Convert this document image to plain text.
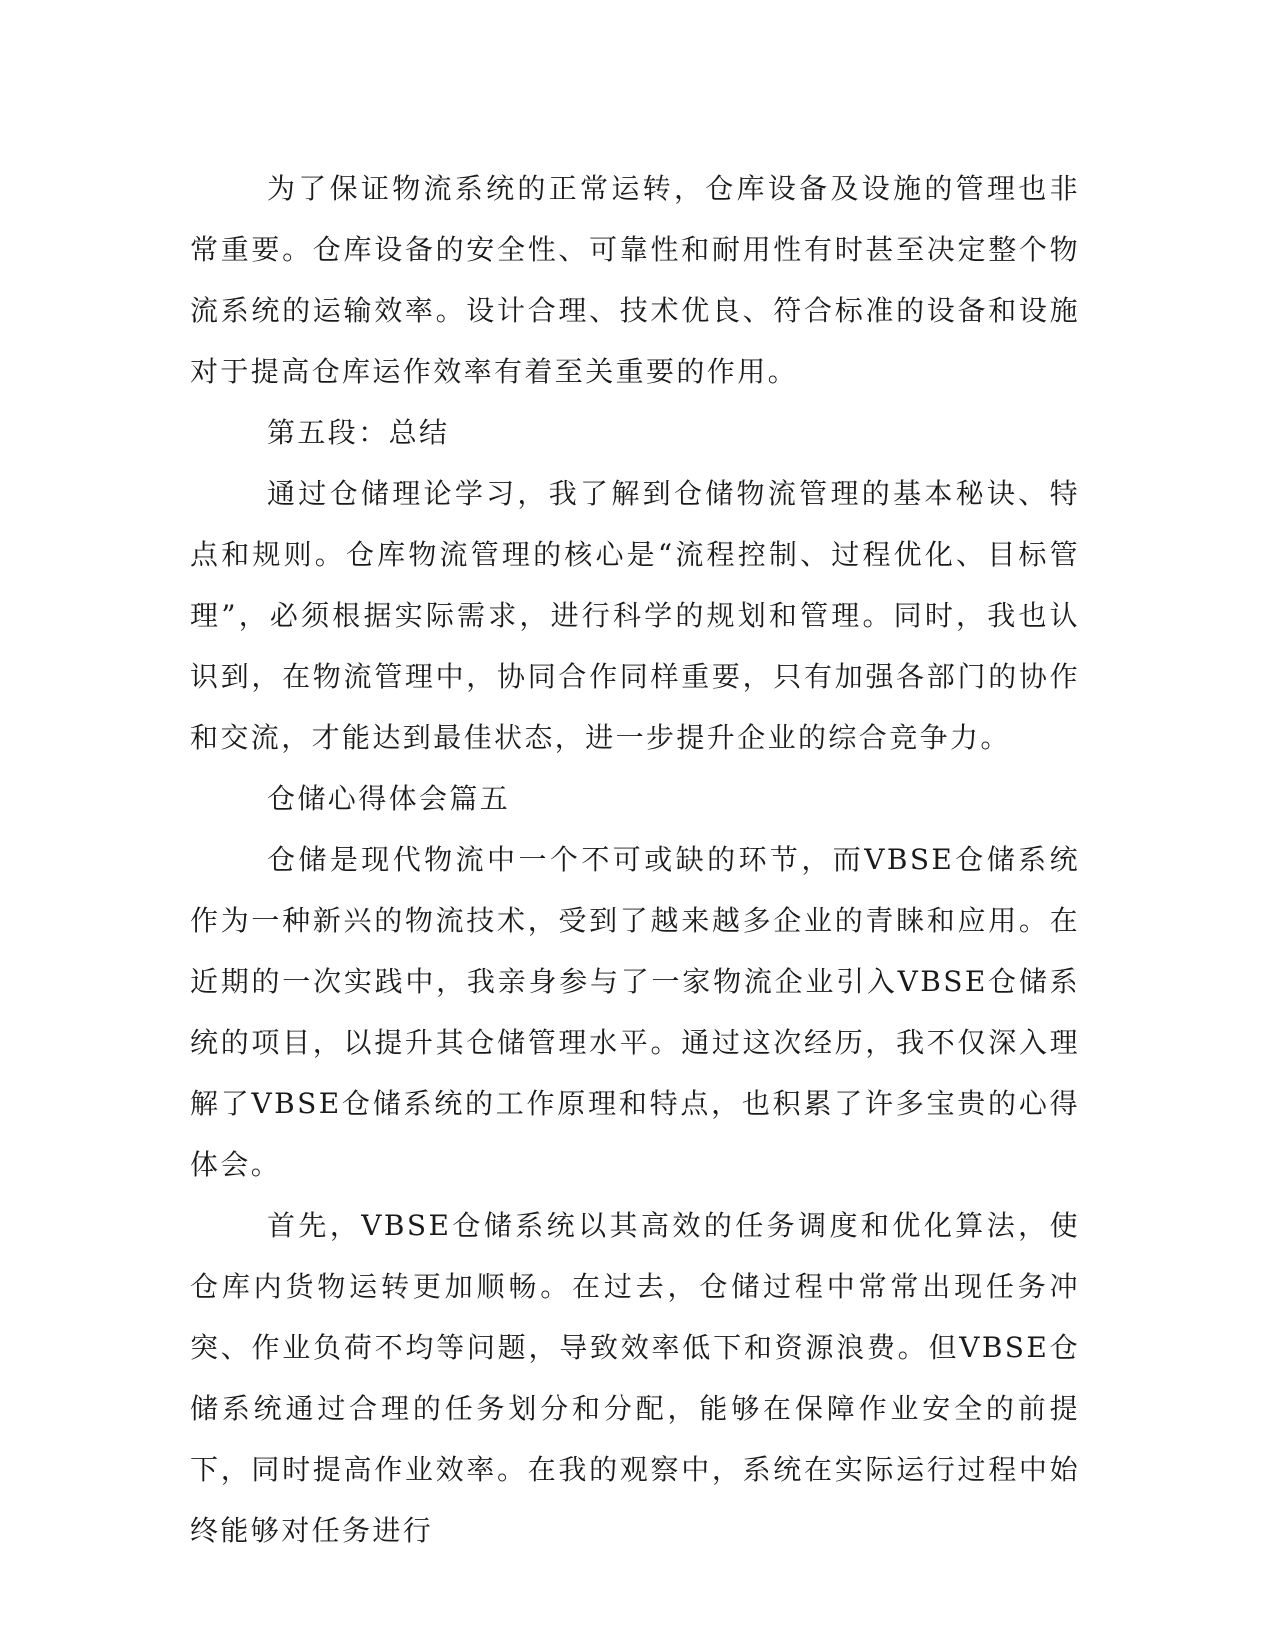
为了保证物流系统的正常运转，仓库设备及设施的管理也非常重要。仓库设备的安全性、可靠性和耐用性有时甚至决定整个物流系统的运输效率。设计合理、技术优良、符合标准的设备和设施对于提高仓库运作效率有着至关重要的作用。

第五段：总结

通过仓储理论学习，我了解到仓储物流管理的基本秘诀、特点和规则。仓库物流管理的核心是“流程控制、过程优化、目标管理”，必须根据实际需求，进行科学的规划和管理。同时，我也认识到，在物流管理中，协同合作同样重要，只有加强各部门的协作和交流，才能达到最佳状态，进一步提升企业的综合竞争力。

仓储心得体会篇五

仓储是现代物流中一个不可或缺的环节，而VBSE仓储系统作为一种新兴的物流技术，受到了越来越多企业的青睐和应用。在近期的一次实践中，我亲身参与了一家物流企业引入VBSE仓储系统的项目，以提升其仓储管理水平。通过这次经历，我不仅深入理解了VBSE仓储系统的工作原理和特点，也积累了许多宝贵的心得体会。

首先，VBSE仓储系统以其高效的任务调度和优化算法，使仓库内货物运转更加顺畅。在过去，仓储过程中常常出现任务冲突、作业负荷不均等问题，导致效率低下和资源浪费。但VBSE仓储系统通过合理的任务划分和分配，能够在保障作业安全的前提下，同时提高作业效率。在我的观察中，系统在实际运行过程中始终能够对任务进行
